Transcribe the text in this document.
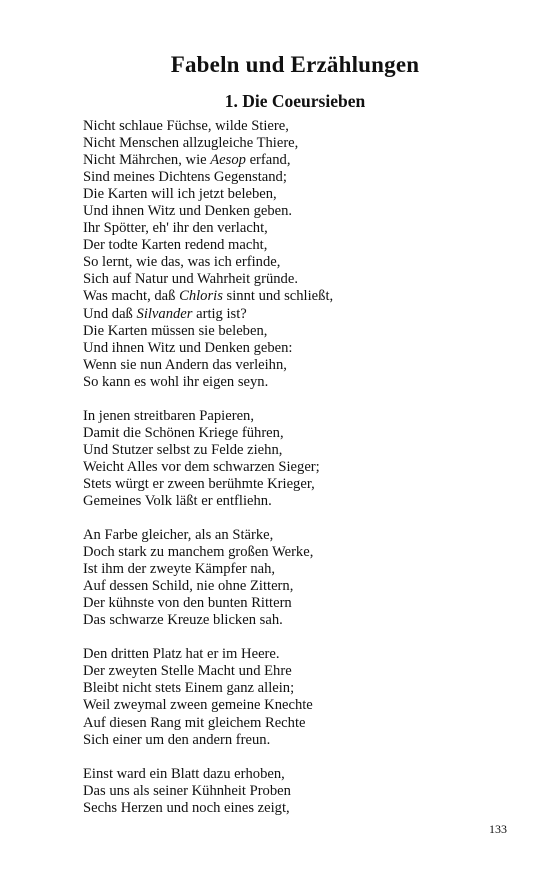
Fabeln und Erzählungen
1. Die Coeursieben
Nicht schlaue Füchse, wilde Stiere,
Nicht Menschen allzugleiche Thiere,
Nicht Mährchen, wie Aesop erfand,
Sind meines Dichtens Gegenstand;
Die Karten will ich jetzt beleben,
Und ihnen Witz und Denken geben.
Ihr Spötter, eh' ihr den verlacht,
Der todte Karten redend macht,
So lernt, wie das, was ich erfinde,
Sich auf Natur und Wahrheit gründe.
Was macht, daß Chloris sinnt und schließt,
Und daß Silvander artig ist?
Die Karten müssen sie beleben,
Und ihnen Witz und Denken geben:
Wenn sie nun Andern das verleihn,
So kann es wohl ihr eigen seyn.
In jenen streitbaren Papieren,
Damit die Schönen Kriege führen,
Und Stutzer selbst zu Felde ziehn,
Weicht Alles vor dem schwarzen Sieger;
Stets würgt er zween berühmte Krieger,
Gemeines Volk läßt er entfliehn.
An Farbe gleicher, als an Stärke,
Doch stark zu manchem großen Werke,
Ist ihm der zweyte Kämpfer nah,
Auf dessen Schild, nie ohne Zittern,
Der kühnste von den bunten Rittern
Das schwarze Kreuze blicken sah.
Den dritten Platz hat er im Heere.
Der zweyten Stelle Macht und Ehre
Bleibt nicht stets Einem ganz allein;
Weil zweymal zween gemeine Knechte
Auf diesen Rang mit gleichem Rechte
Sich einer um den andern freun.
Einst ward ein Blatt dazu erhoben,
Das uns als seiner Kühnheit Proben
Sechs Herzen und noch eines zeigt,
133
